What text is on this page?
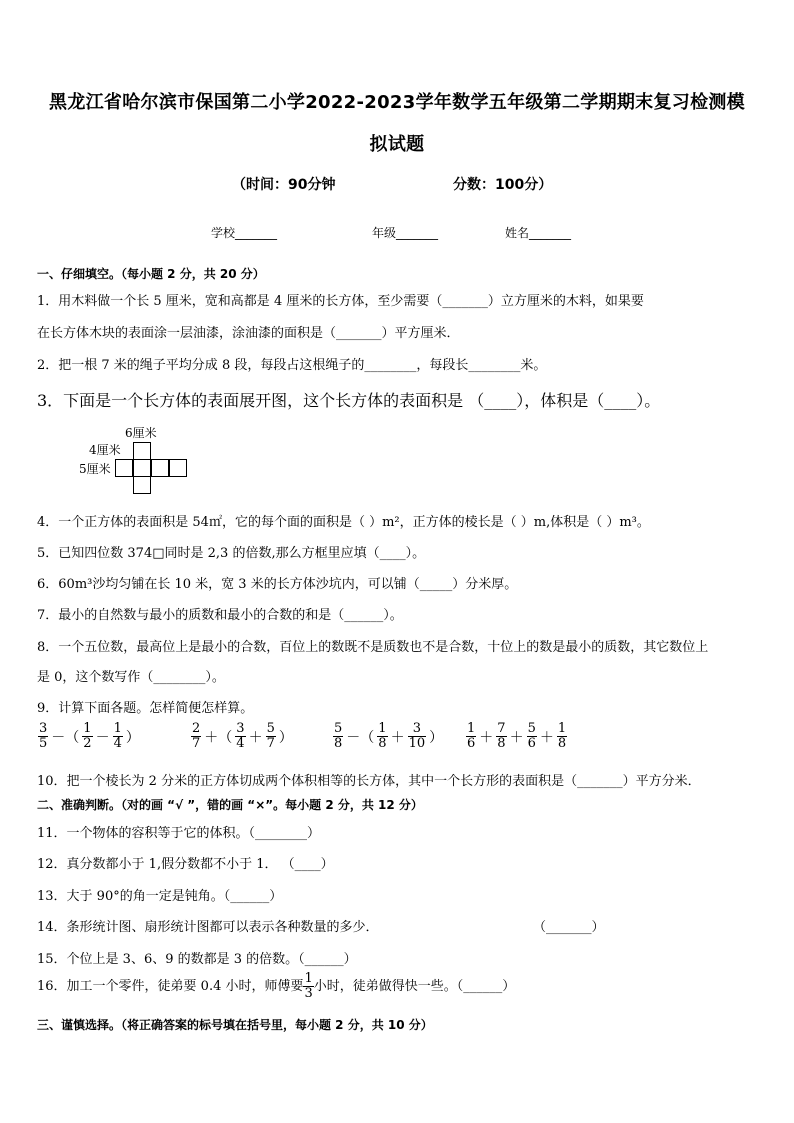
黑龙江省哈尔滨市保国第二小学2022-2023学年数学五年级第二学期期末复习检测模
拟试题
（时间：90分钟	分数：100分）
学校_______	年级_______	姓名_______
一、仔细填空。（每小题 2 分，共 20 分）
1．用木料做一个长 5 厘米，宽和高都是 4 厘米的长方体，至少需要（_______）立方厘米的木料，如果要
在长方体木块的表面涂一层油漆，涂油漆的面积是（_______）平方厘米．
2．把一根 7 米的绳子平均分成 8 段，每段占这根绳子的________，每段长________米。
3．下面是一个长方体的表面展开图，这个长方体的表面积是 （____），体积是（____）。
6厘米
4厘米
5厘米
4．一个正方体的表面积是 54㎡，它的每个面的面积是（ ）m²，正方体的棱长是（ ）m,体积是（ ）m³。
5．已知四位数 374□同时是 2,3 的倍数,那么方框里应填（____）。
6．60m³沙均匀铺在长 10 米，宽 3 米的长方体沙坑内，可以铺（_____）分米厚。
7．最小的自然数与最小的质数和最小的合数的和是（______）。
8．一个五位数，最高位上是最小的合数，百位上的数既不是质数也不是合数，十位上的数是最小的质数，其它数位上
是 0，这个数写作（________）。
9．计算下面各题。怎样简便怎样算。
$\frac{3}{5}$ －（ $\frac{1}{2} - \frac{1}{4}$ ）	$\frac{2}{7}$ ＋（ $\frac{3}{4} + \frac{5}{7}$ ）	$\frac{5}{8}$ －（ $\frac{1}{8} + \frac{3}{10}$ ） $\frac{1}{6} + \frac{7}{8} + \frac{5}{6} + \frac{1}{8}$
10．把一个棱长为 2 分米的正方体切成两个体积相等的长方体，其中一个长方形的表面积是（_______）平方分米．
二、准确判断。（对的画 “√ ”，错的画 “×”。每小题 2 分，共 12 分）
11．一个物体的容积等于它的体积。（________）
12．真分数都小于 1,假分数都不小于 1． （____）
13．大于 90°的角一定是钝角。（______）
14．条形统计图、扇形统计图都可以表示各种数量的多少．	（_______）
15．个位上是 3、6、9 的数都是 3 的倍数。（______）
16．加工一个零件，徒弟要 0.4 小时，师傅要 $\frac{1}{3}$ 小时，徒弟做得快一些。（______）
三、谨慎选择。（将正确答案的标号填在括号里，每小题 2 分，共 10 分）
